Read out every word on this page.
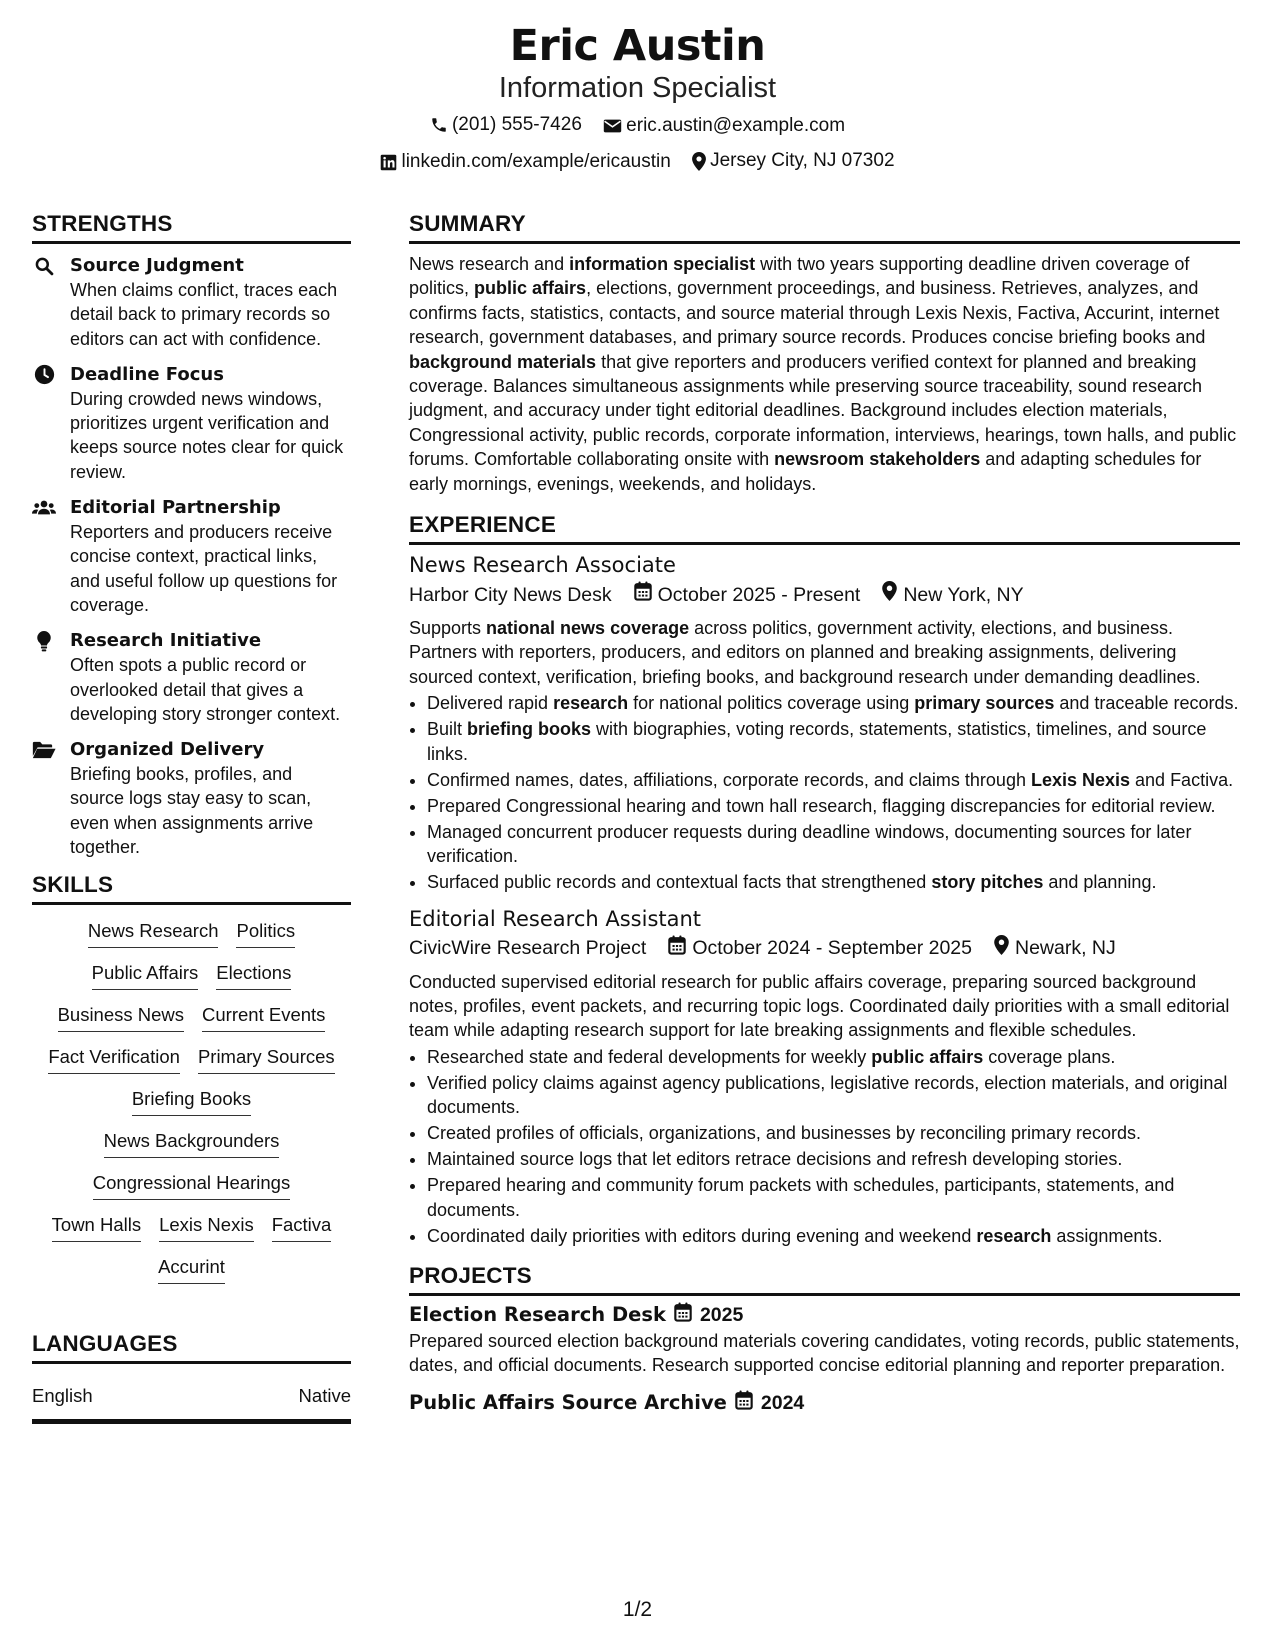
Eric Austin
Information Specialist
(201) 555-7426
eric.austin@example.com
linkedin.com/example/ericaustin
Jersey City, NJ 07302
STRENGTHS
Source Judgment
When claims conflict, traces each detail back to primary records so editors can act with confidence.
Deadline Focus
During crowded news windows, prioritizes urgent verification and keeps source notes clear for quick review.
Editorial Partnership
Reporters and producers receive concise context, practical links, and useful follow up questions for coverage.
Research Initiative
Often spots a public record or overlooked detail that gives a developing story stronger context.
Organized Delivery
Briefing books, profiles, and source logs stay easy to scan, even when assignments arrive together.
SKILLS
News Research Politics
Public Affairs Elections
Business News Current Events
Fact Verification Primary Sources
Briefing Books
News Backgrounders
Congressional Hearings
Town Halls Lexis Nexis Factiva
Accurint
LANGUAGES
English	Native
SUMMARY
News research and information specialist with two years supporting deadline driven coverage of politics, public affairs, elections, government proceedings, and business. Retrieves, analyzes, and confirms facts, statistics, contacts, and source material through Lexis Nexis, Factiva, Accurint, internet research, government databases, and primary source records. Produces concise briefing books and background materials that give reporters and producers verified context for planned and breaking coverage. Balances simultaneous assignments while preserving source traceability, sound research judgment, and accuracy under tight editorial deadlines. Background includes election materials, Congressional activity, public records, corporate information, interviews, hearings, town halls, and public forums. Comfortable collaborating onsite with newsroom stakeholders and adapting schedules for early mornings, evenings, weekends, and holidays.
EXPERIENCE
News Research Associate
Harbor City News Desk October 2025 - Present New York, NY
Supports national news coverage across politics, government activity, elections, and business. Partners with reporters, producers, and editors on planned and breaking assignments, delivering sourced context, verification, briefing books, and background research under demanding deadlines.
• Delivered rapid research for national politics coverage using primary sources and traceable records.
• Built briefing books with biographies, voting records, statements, statistics, timelines, and source links.
• Confirmed names, dates, affiliations, corporate records, and claims through Lexis Nexis and Factiva.
• Prepared Congressional hearing and town hall research, flagging discrepancies for editorial review.
• Managed concurrent producer requests during deadline windows, documenting sources for later verification.
• Surfaced public records and contextual facts that strengthened story pitches and planning.
Editorial Research Assistant
CivicWire Research Project October 2024 - September 2025 Newark, NJ
Conducted supervised editorial research for public affairs coverage, preparing sourced background notes, profiles, event packets, and recurring topic logs. Coordinated daily priorities with a small editorial team while adapting research support for late breaking assignments and flexible schedules.
• Researched state and federal developments for weekly public affairs coverage plans.
• Verified policy claims against agency publications, legislative records, election materials, and original documents.
• Created profiles of officials, organizations, and businesses by reconciling primary records.
• Maintained source logs that let editors retrace decisions and refresh developing stories.
• Prepared hearing and community forum packets with schedules, participants, statements, and documents.
• Coordinated daily priorities with editors during evening and weekend research assignments.
PROJECTS
Election Research Desk 2025
Prepared sourced election background materials covering candidates, voting records, public statements, dates, and official documents. Research supported concise editorial planning and reporter preparation.
Public Affairs Source Archive 2024
1/2
